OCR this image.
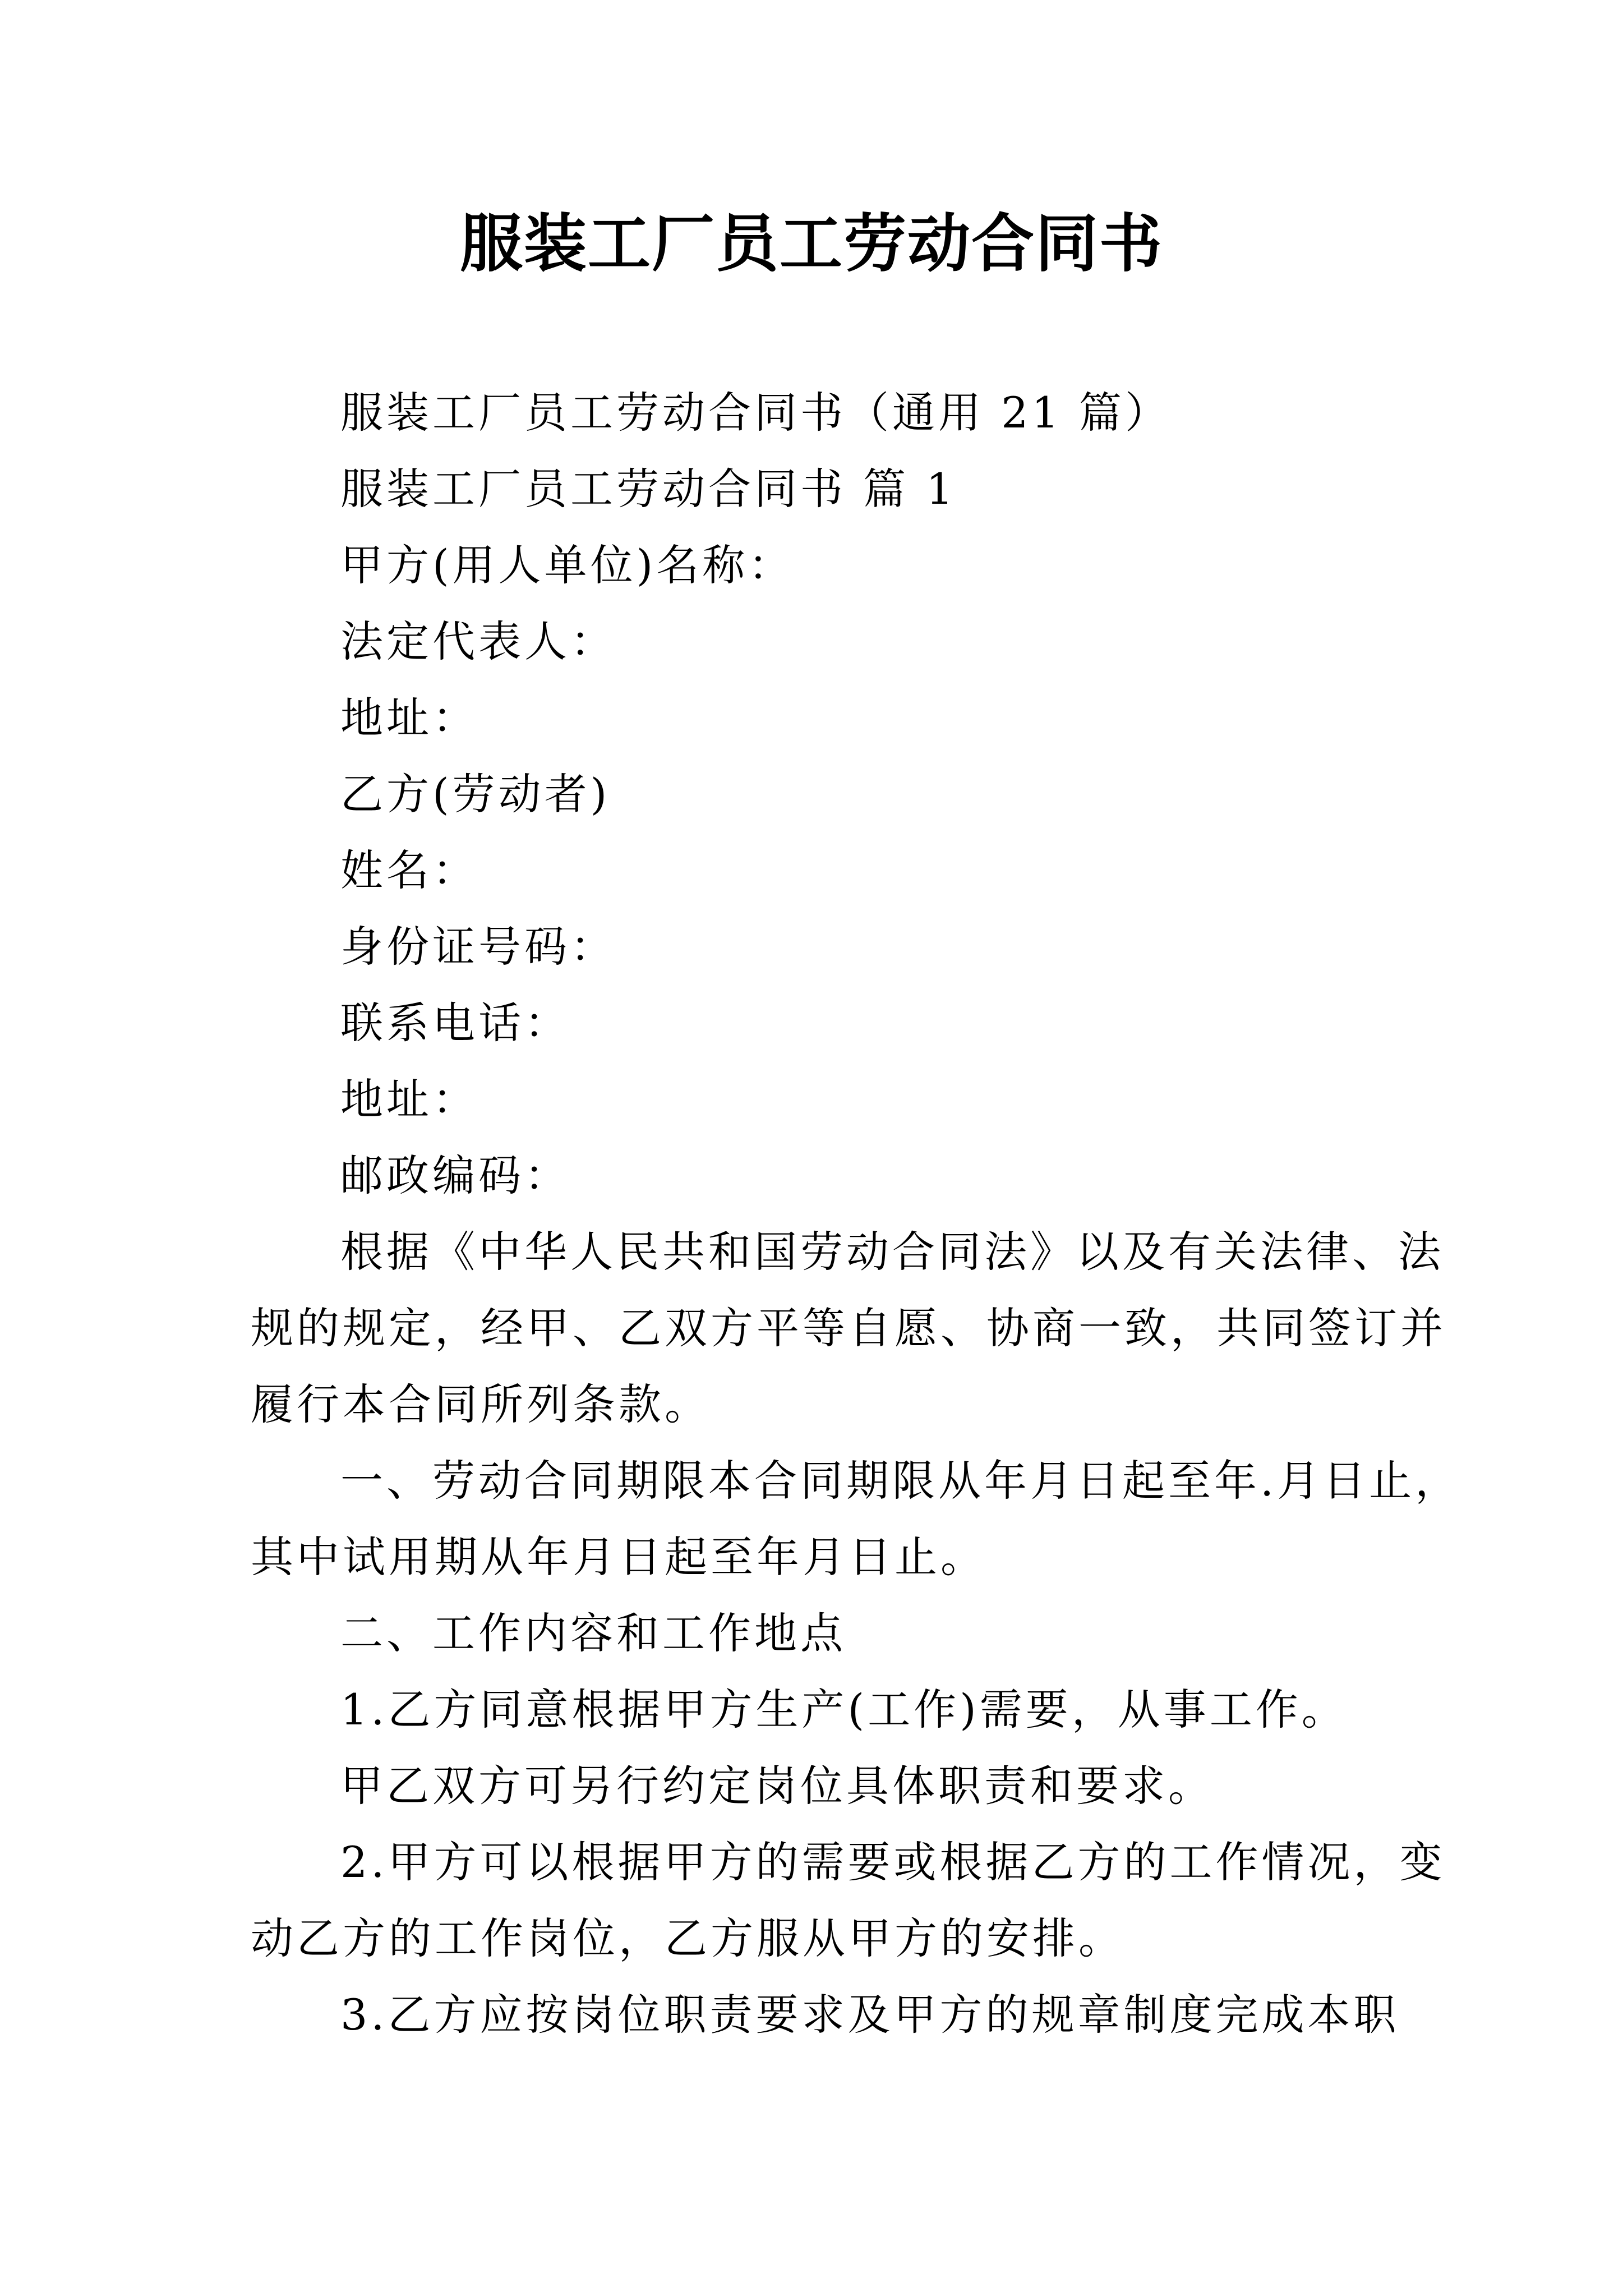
服装工厂员工劳动合同书
服装工厂员工劳动合同书（通用 21 篇）
服装工厂员工劳动合同书 篇 1
甲方(用人单位)名称：
法定代表人：
地址：
乙方(劳动者)
姓名：
身份证号码：
联系电话：
地址：
邮政编码：
根据《中华人民共和国劳动合同法》以及有关法律、法
规的规定，经甲、乙双方平等自愿、协商一致，共同签订并
履行本合同所列条款。
一、劳动合同期限本合同期限从年月日起至年.月日止，
其中试用期从年月日起至年月日止。
二、工作内容和工作地点
1.乙方同意根据甲方生产(工作)需要，从事工作。
甲乙双方可另行约定岗位具体职责和要求。
2.甲方可以根据甲方的需要或根据乙方的工作情况，变
动乙方的工作岗位，乙方服从甲方的安排。
3.乙方应按岗位职责要求及甲方的规章制度完成本职
